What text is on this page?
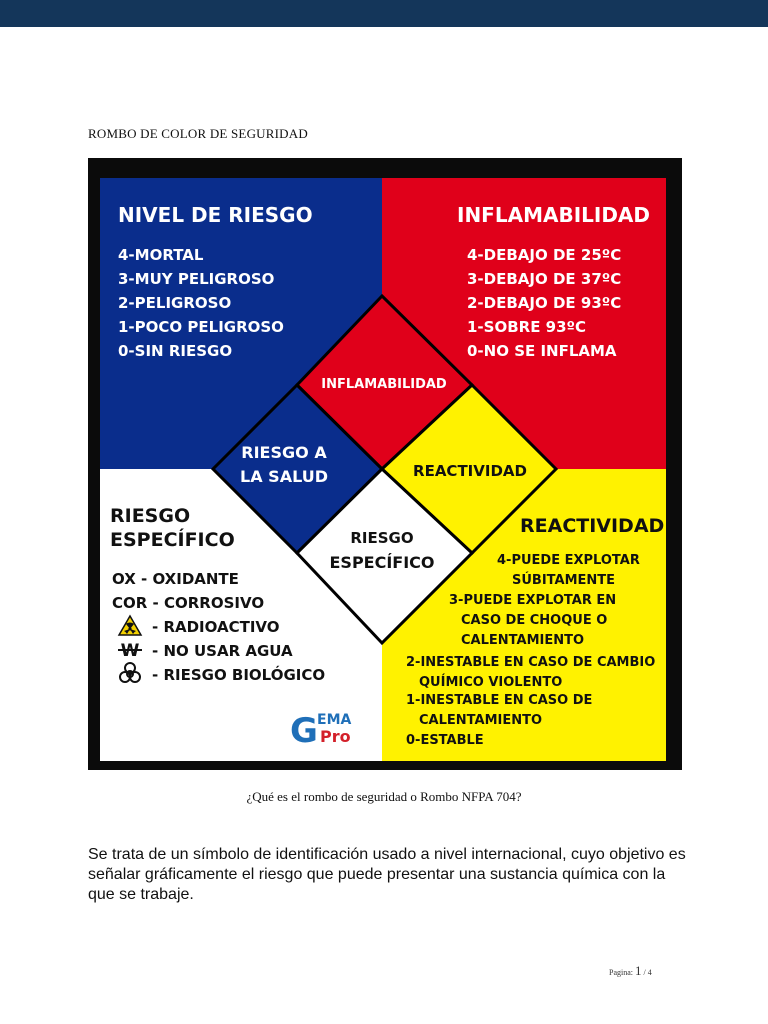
ROMBO DE COLOR DE SEGURIDAD
INFLAMABILIDAD
RIESGO A
LA SALUD	REACTIVIDAD
RIESGO
ESPECÍFICO
NIVEL DE RIESGO
4-MORTAL
3-MUY PELIGROSO
2-PELIGROSO
1-POCO PELIGROSO
0-SIN RIESGO
INFLAMABILIDAD
4-DEBAJO DE 25ºC
3-DEBAJO DE 37ºC
2-DEBAJO DE 93ºC
1-SOBRE 93ºC
0-NO SE INFLAMA
RIESGO
ESPECÍFICO
OX - OXIDANTE
COR - CORROSIVO
- RADIOACTIVO
W - NO USAR AGUA
- RIESGO BIOLÓGICO
G EMA
Pro
REACTIVIDAD
4-PUEDE EXPLOTAR
SÚBITAMENTE
3-PUEDE EXPLOTAR EN
CASO DE CHOQUE O
CALENTAMIENTO
2-INESTABLE EN CASO DE CAMBIO
QUÍMICO VIOLENTO
1-INESTABLE EN CASO DE
CALENTAMIENTO
0-ESTABLE
¿Qué es el rombo de seguridad o Rombo NFPA 704?
Se trata de un símbolo de identificación usado a nivel internacional, cuyo objetivo es señalar gráficamente el riesgo que puede presentar una sustancia química con la que se trabaje.
Pagina: 1 / 4
